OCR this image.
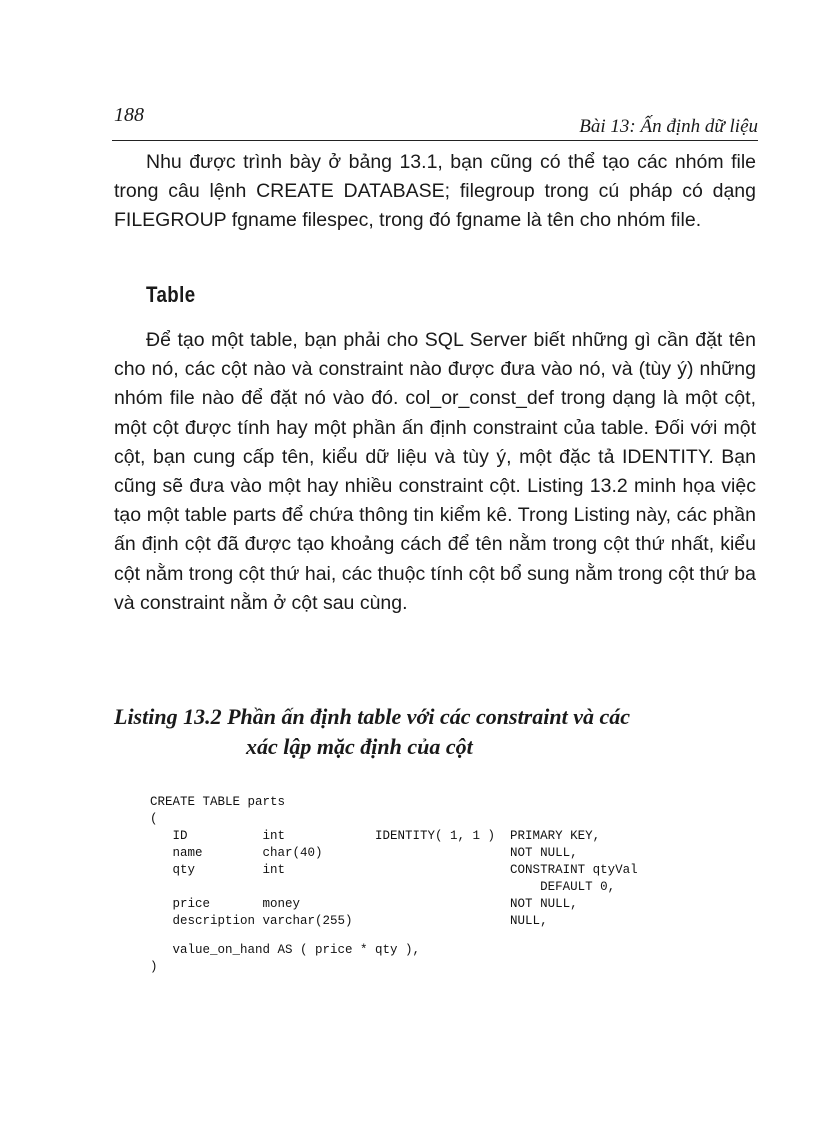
188
Bài 13: Ấn định dữ liệu

Nhu được trình bày ở bảng 13.1, bạn cũng có thể tạo các nhóm file trong câu lệnh CREATE DATABASE; filegroup trong cú pháp có dạng FILEGROUP fgname filespec, trong đó fgname là tên cho nhóm file.

Table

Để tạo một table, bạn phải cho SQL Server biết những gì cần đặt tên cho nó, các cột nào và constraint nào được đưa vào nó, và (tùy ý) những nhóm file nào để đặt nó vào đó. col_or_const_def trong dạng là một cột, một cột được tính hay một phần ấn định constraint của table. Đối với một cột, bạn cung cấp tên, kiểu dữ liệu và tùy ý, một đặc tả IDENTITY. Bạn cũng sẽ đưa vào một hay nhiều constraint cột. Listing 13.2 minh họa việc tạo một table parts để chứa thông tin kiểm kê. Trong Listing này, các phần ấn định cột đã được tạo khoảng cách để tên nằm trong cột thứ nhất, kiểu cột nằm trong cột thứ hai, các thuộc tính cột bổ sung nằm trong cột thứ ba và constraint nằm ở cột sau cùng.

Listing 13.2 Phần ấn định table với các constraint và các
xác lập mặc định của cột
CREATE TABLE parts
(
ID          int            IDENTITY( 1, 1 )  PRIMARY KEY,
name        char(40)                         NOT NULL,
qty         int                              CONSTRAINT qtyVal
DEFAULT 0,
price       money                            NOT NULL,
description varchar(255)                     NULL,
value_on_hand AS ( price * qty ),
)
